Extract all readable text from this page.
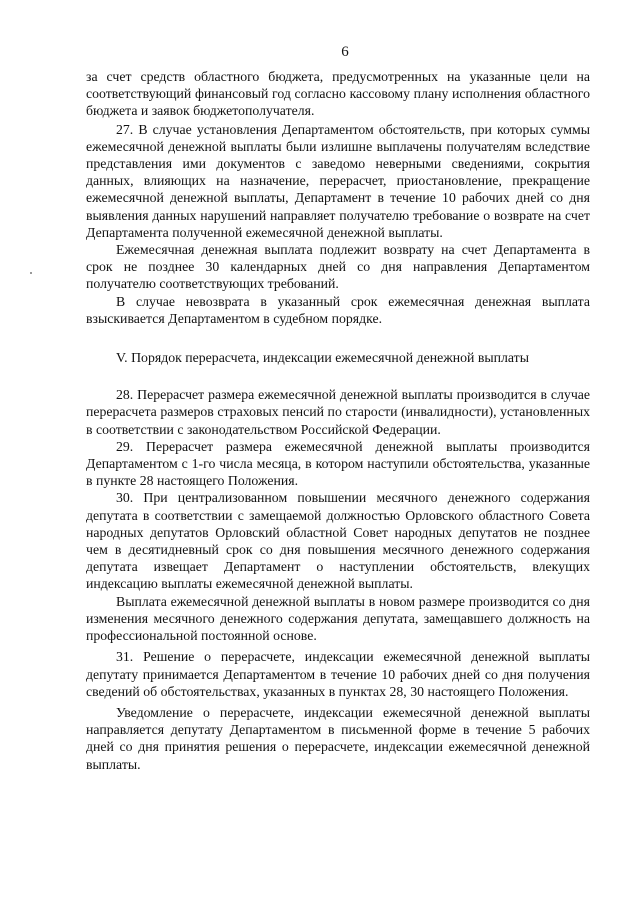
6

за счет средств областного бюджета, предусмотренных на указанные цели на соответствующий финансовый год согласно кассовому плану исполнения областного бюджета и заявок бюджетополучателя.

27. В случае установления Департаментом обстоятельств, при которых суммы ежемесячной денежной выплаты были излишне выплачены получателям вследствие представления ими документов с заведомо неверными сведениями, сокрытия данных, влияющих на назначение, перерасчет, приостановление, прекращение ежемесячной денежной выплаты, Департамент в течение 10 рабочих дней со дня выявления данных нарушений направляет получателю требование о возврате на счет Департамента полученной ежемесячной денежной выплаты.

Ежемесячная денежная выплата подлежит возврату на счет Департамента в срок не позднее 30 календарных дней со дня направления Департаментом получателю соответствующих требований.

В случае невозврата в указанный срок ежемесячная денежная выплата взыскивается Департаментом в судебном порядке.

V. Порядок перерасчета, индексации ежемесячной денежной выплаты

28. Перерасчет размера ежемесячной денежной выплаты производится в случае перерасчета размеров страховых пенсий по старости (инвалидности), установленных в соответствии с законодательством Российской Федерации.

29. Перерасчет размера ежемесячной денежной выплаты производится Департаментом с 1-го числа месяца, в котором наступили обстоятельства, указанные в пункте 28 настоящего Положения.

30. При централизованном повышении месячного денежного содержания депутата в соответствии с замещаемой должностью Орловского областного Совета народных депутатов Орловский областной Совет народных депутатов не позднее чем в десятидневный срок со дня повышения месячного денежного содержания депутата извещает Департамент о наступлении обстоятельств, влекущих индексацию выплаты ежемесячной денежной выплаты.

Выплата ежемесячной денежной выплаты в новом размере производится со дня изменения месячного денежного содержания депутата, замещавшего должность на профессиональной постоянной основе.

31. Решение о перерасчете, индексации ежемесячной денежной выплаты депутату принимается Департаментом в течение 10 рабочих дней со дня получения сведений об обстоятельствах, указанных в пунктах 28, 30 настоящего Положения.

Уведомление о перерасчете, индексации ежемесячной денежной выплаты направляется депутату Департаментом в письменной форме в течение 5 рабочих дней со дня принятия решения о перерасчете, индексации ежемесячной денежной выплаты.
